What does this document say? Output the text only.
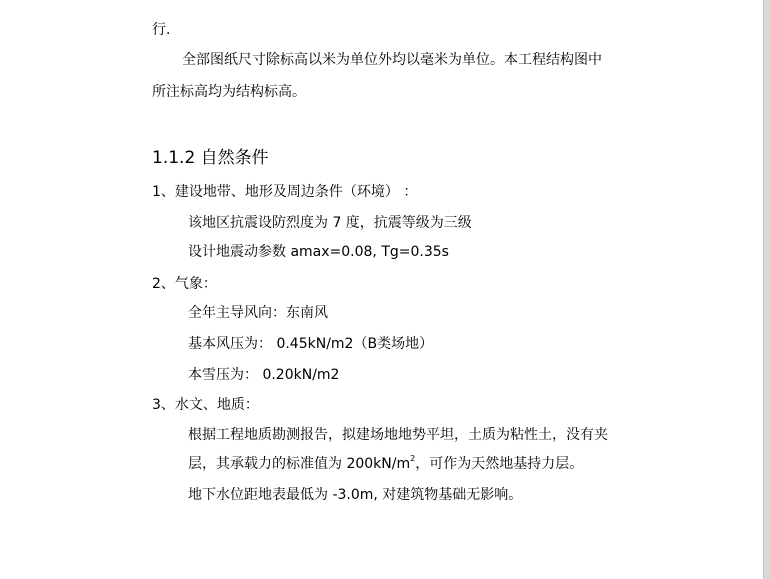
行.
全部图纸尺寸除标高以米为单位外均以毫米为单位。本工程结构图中
所注标高均为结构标高。
1.1.2 自然条件
1、建设地带、地形及周边条件（环境） ：
该地区抗震设防烈度为 7 度，抗震等级为三级
设计地震动参数 amax=0.08, Tg=0.35s
2、气象：
全年主导风向：东南风
基本风压为： 0.45kN/m2（B类场地）
本雪压为： 0.20kN/m2
3、水文、地质：
根据工程地质勘测报告，拟建场地地势平坦，土质为粘性土，没有夹
层，其承载力的标准值为 $200kN/m^2$，可作为天然地基持力层。
地下水位距地表最低为 -3.0m, 对建筑物基础无影响。
